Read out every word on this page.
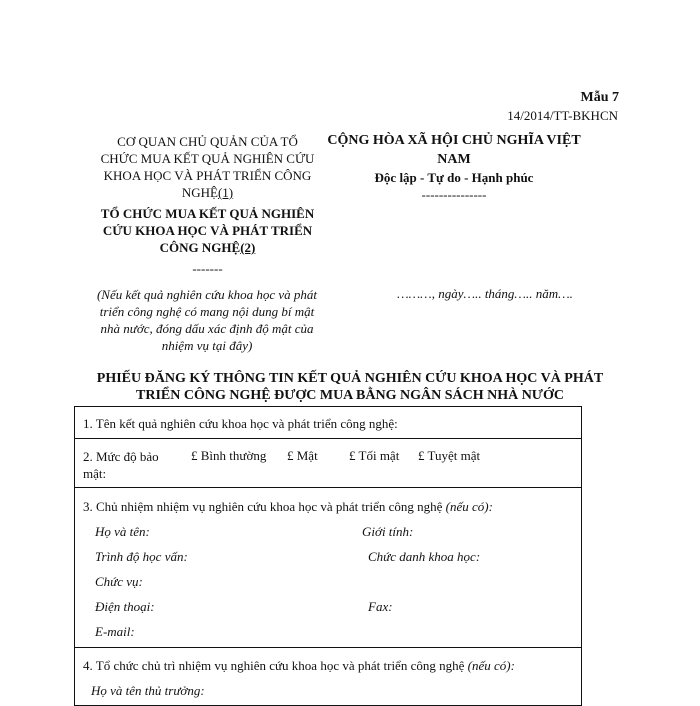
Mẫu 7
14/2014/TT-BKHCN
CƠ QUAN CHỦ QUẢN CỦA TỔ
CHỨC MUA KẾT QUẢ NGHIÊN CỨU
KHOA HỌC VÀ PHÁT TRIỂN CÔNG
NGHỆ(1)
TỔ CHỨC MUA KẾT QUẢ NGHIÊN
CỨU KHOA HỌC VÀ PHÁT TRIỂN
CÔNG NGHỆ(2)
-------
(Nếu kết quả nghiên cứu khoa học và phát
triển công nghệ có mang nội dung bí mật
nhà nước, đóng dấu xác định độ mật của
nhiệm vụ tại đây)
CỘNG HÒA XÃ HỘI CHỦ NGHĨA VIỆT
NAM
Độc lập - Tự do - Hạnh phúc
---------------
………, ngày….. tháng….. năm….
PHIẾU ĐĂNG KÝ THÔNG TIN KẾT QUẢ NGHIÊN CỨU KHOA HỌC VÀ PHÁT
TRIỂN CÔNG NGHỆ ĐƯỢC MUA BẰNG NGÂN SÁCH NHÀ NƯỚC
1. Tên kết quả nghiên cứu khoa học và phát triển công nghệ:
2. Mức độ bảo
mật:
£ Bình thường £ Mật £ Tối mật £ Tuyệt mật
3. Chủ nhiệm nhiệm vụ nghiên cứu khoa học và phát triển công nghệ (nếu có):
Họ và tên:	Giới tính:
Trình độ học vấn:	Chức danh khoa học:
Chức vụ:
Điện thoại:	Fax:
E-mail:
4. Tổ chức chủ trì nhiệm vụ nghiên cứu khoa học và phát triển công nghệ (nếu có):
Họ và tên thủ trưởng:
